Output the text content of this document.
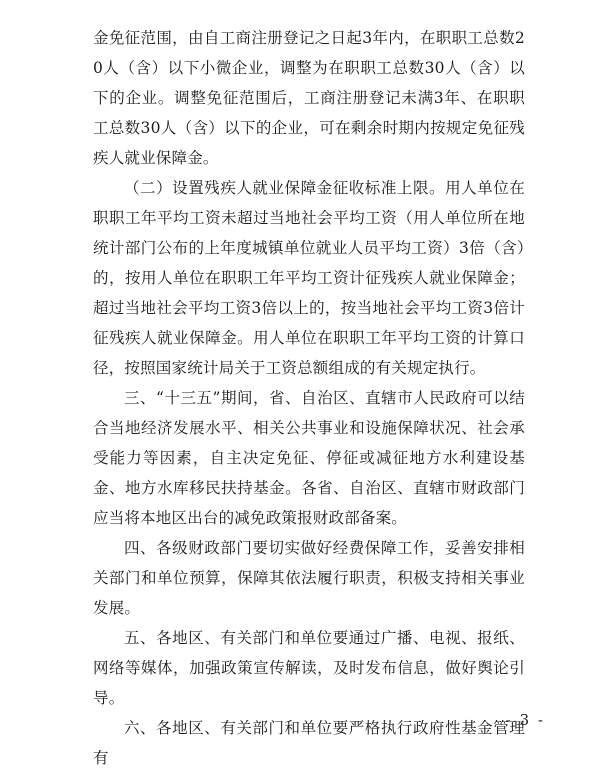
金免征范围，由自工商注册登记之日起3年内，在职职工总数20人（含）以下小微企业，调整为在职职工总数30人（含）以下的企业。调整免征范围后，工商注册登记未满3年、在职职工总数30人（含）以下的企业，可在剩余时期内按规定免征残疾人就业保障金。

（二）设置残疾人就业保障金征收标准上限。用人单位在职职工年平均工资未超过当地社会平均工资（用人单位所在地统计部门公布的上年度城镇单位就业人员平均工资）3倍（含）的，按用人单位在职职工年平均工资计征残疾人就业保障金；超过当地社会平均工资3倍以上的，按当地社会平均工资3倍计征残疾人就业保障金。用人单位在职职工年平均工资的计算口径，按照国家统计局关于工资总额组成的有关规定执行。

三、“十三五”期间，省、自治区、直辖市人民政府可以结合当地经济发展水平、相关公共事业和设施保障状况、社会承受能力等因素，自主决定免征、停征或减征地方水利建设基金、地方水库移民扶持基金。各省、自治区、直辖市财政部门应当将本地区出台的减免政策报财政部备案。

四、各级财政部门要切实做好经费保障工作，妥善安排相关部门和单位预算，保障其依法履行职责，积极支持相关事业发展。

五、各地区、有关部门和单位要通过广播、电视、报纸、网络等媒体，加强政策宣传解读，及时发布信息，做好舆论引导。

六、各地区、有关部门和单位要严格执行政府性基金管理有

- 3 -
